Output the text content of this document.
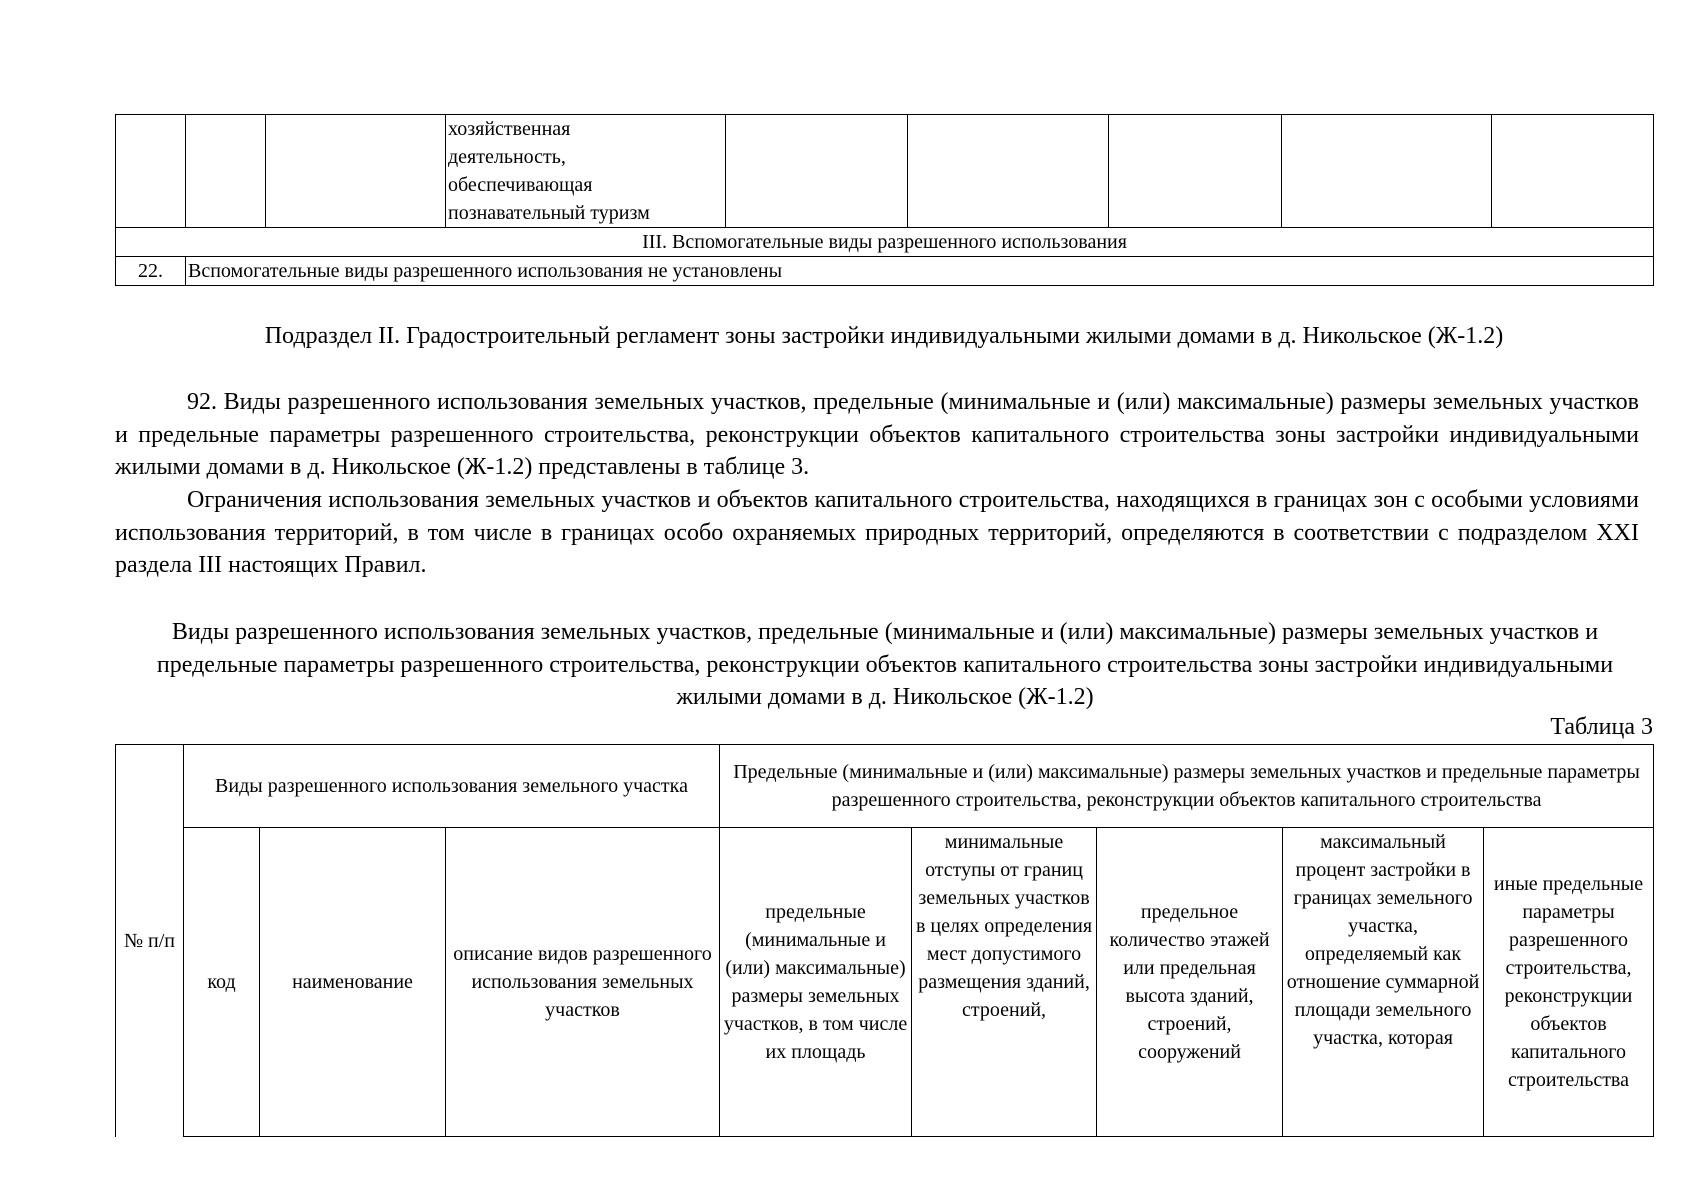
			хозяйственная
деятельность,
обеспечивающая
познавательный туризм					

III. Вспомогательные виды разрешенного использования								
22.	Вспомогательные виды разрешенного использования не установлены							
Подраздел II. Градостроительный регламент зоны застройки индивидуальными жилыми домами в д. Никольское (Ж-1.2)
92. Виды разрешенного использования земельных участков, предельные (минимальные и (или) максимальные) размеры земельных участков и предельные параметры разрешенного строительства, реконструкции объектов капитального строительства зоны застройки индивидуальными жилыми домами в д. Никольское (Ж-1.2) представлены в таблице 3.
Ограничения использования земельных участков и объектов капитального строительства, находящихся в границах зон с особыми условиями использования территорий, в том числе в границах особо охраняемых природных территорий, определяются в соответствии с подразделом XXI раздела III настоящих Правил.
Виды разрешенного использования земельных участков, предельные (минимальные и (или) максимальные) размеры земельных участков и предельные параметры разрешенного строительства, реконструкции объектов капитального строительства зоны застройки индивидуальными жилыми домами в д. Никольское (Ж-1.2)
Таблица 3
№ п/п	Виды разрешенного использования земельного участка			Предельные (минимальные и (или) максимальные) размеры земельных участков и предельные параметры разрешенного строительства, реконструкции объектов капитального строительства				
	код	наименование	описание видов разрешенного использования земельных участков	предельные (минимальные и (или) максимальные) размеры земельных участков, в том числе их площадь	минимальные отступы от границ земельных участков в целях определения мест допустимого размещения зданий, строений,	предельное количество этажей или предельная высота зданий, строений, сооружений	максимальный процент застройки в границах земельного участка, определяемый как отношение суммарной площади земельного участка, которая	иные предельные параметры разрешенного строительства, реконструкции объектов капитального строительства
